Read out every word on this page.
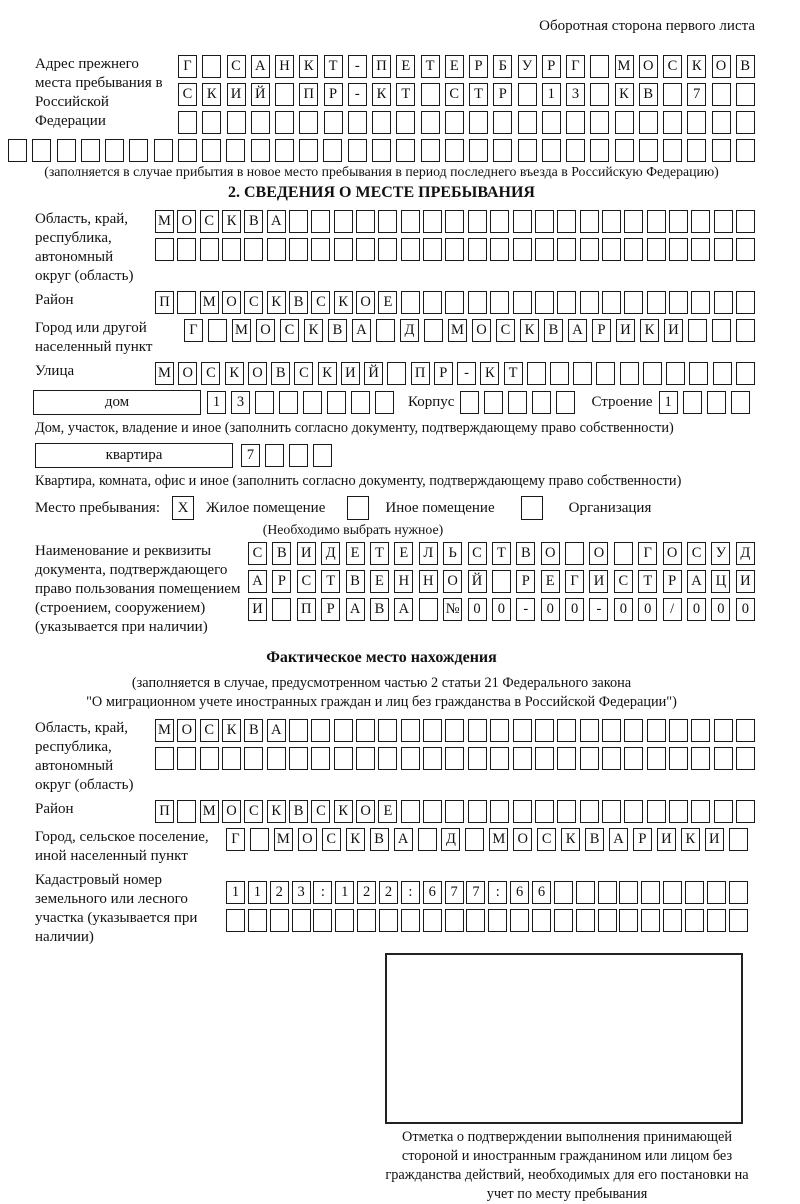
Оборотная сторона первого листа
Адрес прежнего места пребывания в Российской Федерации
Г	С А Н К	Т	-	П	Е	Т	Е	Р	Б	У	Р	Г	М О С	К О В
С	К И Й	П	Р	-	К	Т	С	Т	Р	1	3	К	В	7
(заполняется в случае прибытия в новое место пребывания в период последнего въезда в Российскую Федерацию)
2. СВЕДЕНИЯ О МЕСТЕ ПРЕБЫВАНИЯ
Область, край, республика, автономный округ (область)
М О С К В А
Район	П М О С К В С К О Е
Город или другой населенный пункт
Г	М О С К В А	Д	М О С К В А	Р	И К И
Улица	М О С К О В С К И Й П Р	-	К Т
дом	1	3	Корпус	Строение 1
Дом, участок, владение и иное (заполнить согласно документу, подтверждающему право собственности)
квартира	7
Квартира, комната, офис и иное (заполнить согласно документу, подтверждающему право собственности)
Место пребывания:	X	Жилое помещение	Иное помещение	Организация
(Необходимо выбрать нужное)
Наименование и реквизиты документа, подтверждающего право пользования помещением (строением, сооружением) (указывается при наличии)
С	В И Д	Е	Т	Е	Л	Ь	С	Т	В О	О	Г	О С У Д
А	Р	С	Т	В	Е	Н Н О Й	Р	Е	Г	И С	Т	Р	А Ц И
И	П	Р	А В А	№ 0	0	-	0	0	-	0	0	/	0	0	0
Фактическое место нахождения
(заполняется в случае, предусмотренном частью 2 статьи 21 Федерального закона
"О миграционном учете иностранных граждан и лиц без гражданства в Российской Федерации")
Область, край, республика, автономный округ (область)
М О С К В А
Район	П М О С К В С К О Е
Город, сельское поселение, иной населенный пункт
Г	М О С К В А	Д	М О С К В А	Р	И К И
Кадастровый номер земельного или лесного участка (указывается при наличии)
1	1	2	3	:	1	2	2	:	6	7	7	:	6	6
Отметка о подтверждении выполнения принимающей стороной и иностранным гражданином или лицом без гражданства действий, необходимых для его постановки на учет по месту пребывания
